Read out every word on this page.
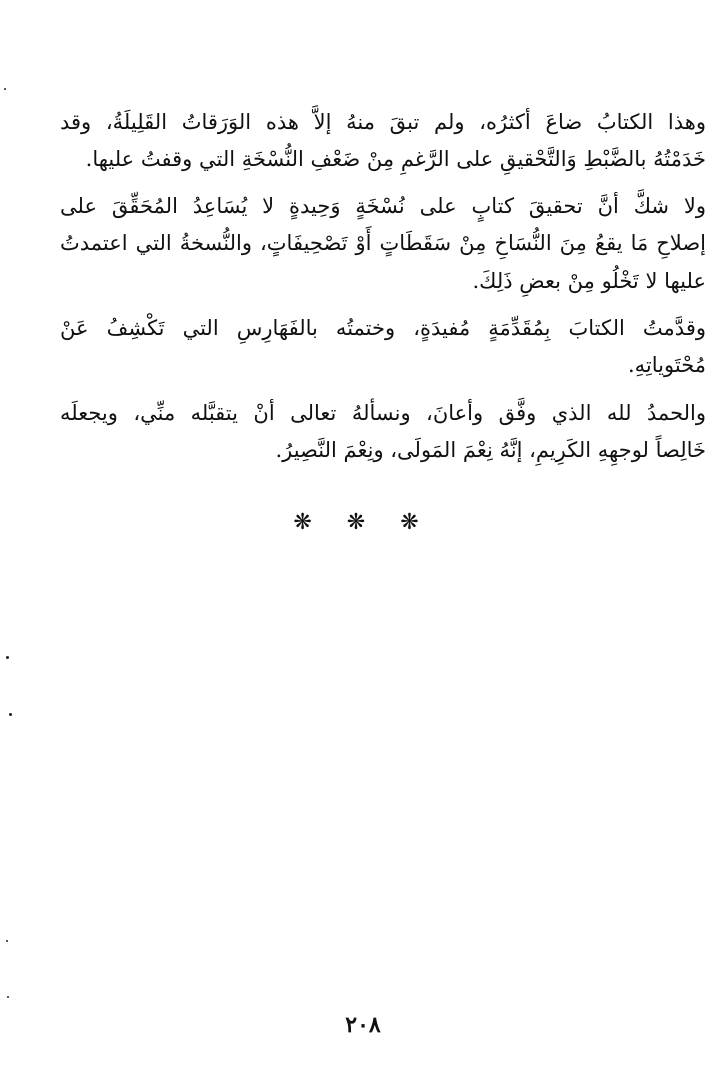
وهذا الكتابُ ضاعَ أكثرُه، ولم تبقَ منهُ إلاَّ هذه الوَرَقاتُ القَلِيلَةُ، وقد
خَدَمْتُهُ بالضَّبْطِ وَالتَّحْقيقِ على الرَّغمِ مِنْ ضَعْفِ النُّسْخَةِ التي وقفتُ عليها.
ولا شكَّ أنَّ تحقيقَ كتابٍ على نُسْخَةٍ وَحِيدةٍ لا يُسَاعِدُ المُحَقِّقَ على
إصلاحِ مَا يقعُ مِنَ النُّسَاخِ مِنْ سَقَطَاتٍ أَوْ تَصْحِيفَاتٍ، والنُّسخةُ التي اعتمدتُ
عليها لا تَخْلُو مِنْ بعضِ ذَلِكَ.
وقدَّمتُ الكتابَ بِمُقَدِّمَةٍ مُفيدَةٍ، وختمتُه بالفَهَارِسِ التي تَكْشِفُ عَنْ
مُحْتَوياتِهِ.
والحمدُ لله الذي وفَّق وأعانَ، ونسألهُ تعالى أنْ يتقبَّله منِّي، ويجعلَه
خَالِصاً لوجهِهِ الكَرِيمِ، إنَّهُ نِعْمَ المَولَى، ونِعْمَ النَّصِيرُ.
❋ ❋ ❋
٢٠٨
